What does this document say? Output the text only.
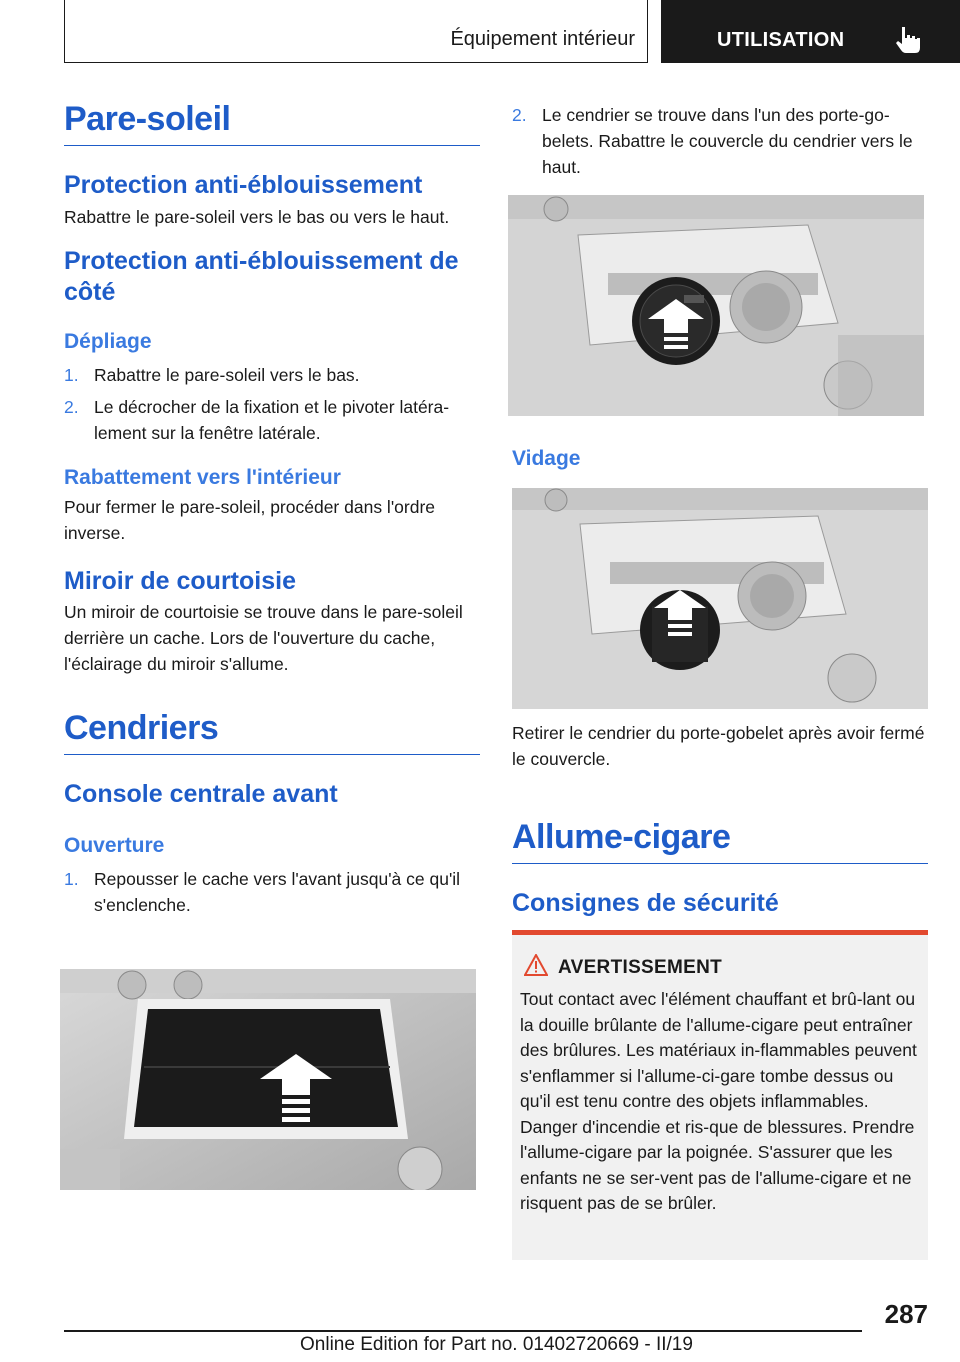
Équipement intérieur	UTILISATION
Pare-soleil
Protection anti-éblouissement

Rabattre le pare-soleil vers le bas ou vers le haut.

Protection anti-éblouissement de côté
Dépliage
1. Rabattre le pare-soleil vers le bas.
2. Le décrocher de la fixation et le pivoter latéra-lement sur la fenêtre latérale.
Rabattement vers l'intérieur

Pour fermer le pare-soleil, procéder dans l'ordre inverse.

Miroir de courtoisie

Un miroir de courtoisie se trouve dans le pare-soleil derrière un cache. Lors de l'ouverture du cache, l'éclairage du miroir s'allume.

Cendriers
Console centrale avant
Ouverture
1. Repousser le cache vers l'avant jusqu'à ce qu'il s'enclenche.
2. Le cendrier se trouve dans l'un des porte-go-belets. Rabattre le couvercle du cendrier vers le haut.
Vidage

Retirer le cendrier du porte-gobelet après avoir fermé le couvercle.

Allume-cigare
Consignes de sécurité
AVERTISSEMENT

Tout contact avec l'élément chauffant et brû-lant ou la douille brûlante de l'allume-cigare peut entraîner des brûlures. Les matériaux in-flammables peuvent s'enflammer si l'allume-ci-gare tombe dessus ou qu'il est tenu contre des objets inflammables. Danger d'incendie et ris-que de blessures. Prendre l'allume-cigare par la poignée. S'assurer que les enfants ne se ser-vent pas de l'allume-cigare et ne risquent pas de se brûler.

287
Online Edition for Part no. 01402720669 - II/19
